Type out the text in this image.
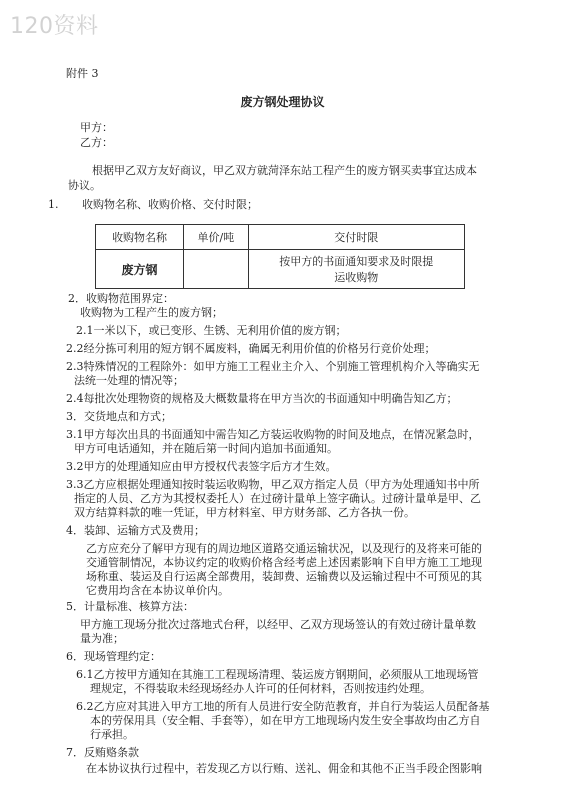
120资料
附件 3
废方钢处理协议
甲方：
乙方：
根据甲乙双方友好商议，甲乙双方就菏泽东站工程产生的废方钢买卖事宜达成本
协议。
1. 收购物名称、收购价格、交付时限；
收购物名称	单价/吨	交付时限
废方钢		按甲方的书面通知要求及时限提
运收购物
2．收购物范围界定：
收购物为工程产生的废方钢；
2.1一米以下，或已变形、生锈、无利用价值的废方钢；
2.2经分拣可利用的短方钢不属废料，确属无利用价值的价格另行竞价处理；
2.3特殊情况的工程除外：如甲方施工工程业主介入、个别施工管理机构介入等确实无
法统一处理的情况等；
2.4每批次处理物资的规格及大概数量将在甲方当次的书面通知中明确告知乙方；
3．交货地点和方式；
3.1甲方每次出具的书面通知中需告知乙方装运收购物的时间及地点，在情况紧急时，
甲方可电话通知，并在随后第一时间内追加书面通知。
3.2甲方的处理通知应由甲方授权代表签字后方才生效。
3.3乙方应根据处理通知按时装运收购物，甲乙双方指定人员（甲方为处理通知书中所
指定的人员、乙方为其授权委托人）在过磅计量单上签字确认。过磅计量单是甲、乙
双方结算料款的唯一凭证，甲方材料室、甲方财务部、乙方各执一份。
4．装卸、运输方式及费用；
乙方应充分了解甲方现有的周边地区道路交通运输状况，以及现行的及将来可能的
交通管制情况，本协议约定的收购价格含经考虑上述因素影响下自甲方施工工地现
场称重、装运及自行运离全部费用，装卸费、运输费以及运输过程中不可预见的其
它费用均含在本协议单价内。
5．计量标准、核算方法：
甲方施工现场分批次过落地式台秤，以经甲、乙双方现场签认的有效过磅计量单数
量为准；
6．现场管理约定：
6.1乙方按甲方通知在其施工工程现场清理、装运废方钢期间，必须服从工地现场管
理规定，不得装取未经现场经办人许可的任何材料，否则按违约处理。
6.2乙方应对其进入甲方工地的所有人员进行安全防范教育，并自行为装运人员配备基
本的劳保用具（安全帽、手套等），如在甲方工地现场内发生安全事故均由乙方自
行承担。
7．反贿赂条款
在本协议执行过程中，若发现乙方以行贿、送礼、佣金和其他不正当手段企图影响
